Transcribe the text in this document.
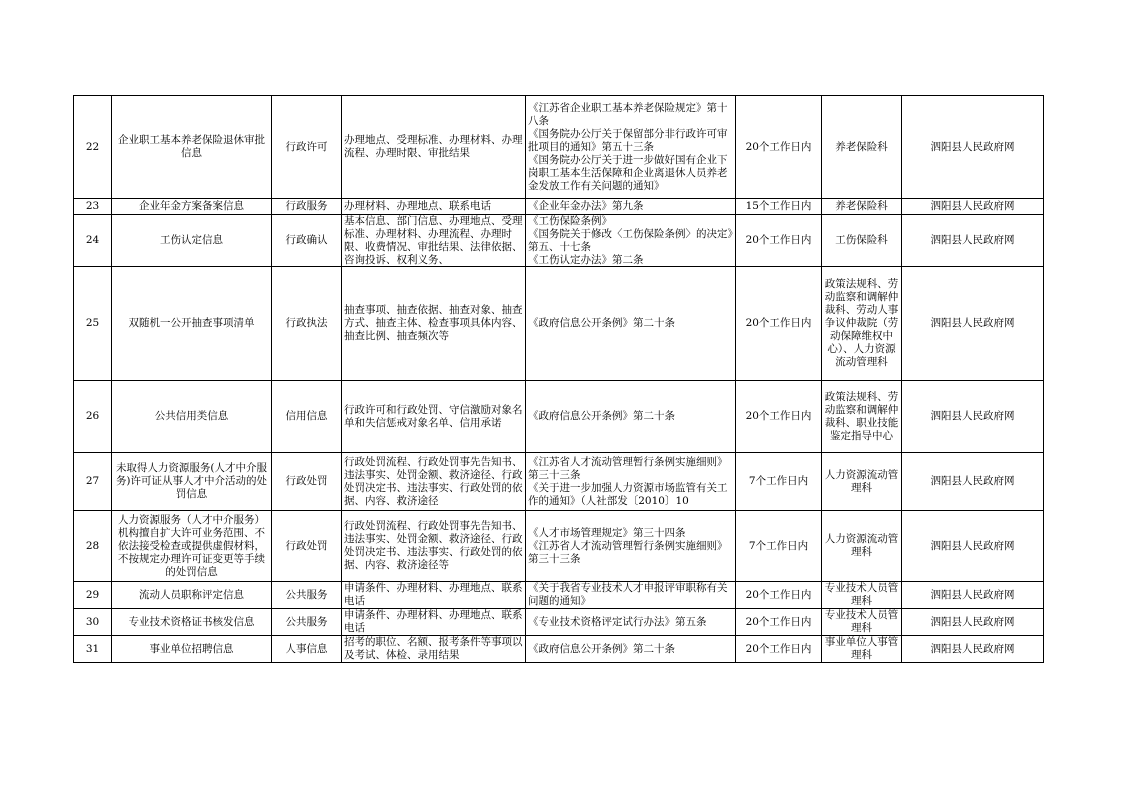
22	企业职工基本养老保险退休审批信息	行政许可	办理地点、受理标准、办理材料、办理流程、办理时限、审批结果	《江苏省企业职工基本养老保险规定》第十八条
《国务院办公厅关于保留部分非行政许可审批项目的通知》第五十三条
《国务院办公厅关于进一步做好国有企业下岗职工基本生活保障和企业离退休人员养老金发放工作有关问题的通知》	20个工作日内	养老保险科	泗阳县人民政府网

23	企业年金方案备案信息	行政服务	办理材料、办理地点、联系电话	《企业年金办法》第九条	15个工作日内	养老保险科	泗阳县人民政府网

24	工伤认定信息	行政确认	基本信息、部门信息、办理地点、受理标准、办理材料、办理流程、办理时限、收费情况、审批结果、法律依据、咨询投诉、权利义务、	《工伤保险条例》
《国务院关于修改〈工伤保险条例〉的决定》第五、十七条
《工伤认定办法》第二条	20个工作日内	工伤保险科	泗阳县人民政府网

25	双随机一公开抽查事项清单	行政执法	抽查事项、抽查依据、抽查对象、抽查方式、抽查主体、检查事项具体内容、抽查比例、抽查频次等	《政府信息公开条例》第二十条	20个工作日内	政策法规科、劳动监察和调解仲裁科、劳动人事争议仲裁院（劳动保障维权中心）、人力资源流动管理科	泗阳县人民政府网

26	公共信用类信息	信用信息	行政许可和行政处罚、守信激励对象名单和失信惩戒对象名单、信用承诺	《政府信息公开条例》第二十条	20个工作日内	政策法规科、劳动监察和调解仲裁科、职业技能鉴定指导中心	泗阳县人民政府网

27	未取得人力资源服务(人才中介服务)许可证从事人才中介活动的处罚信息	行政处罚	行政处罚流程、行政处罚事先告知书、违法事实、处罚金额、救济途径、行政处罚决定书、违法事实、行政处罚的依据、内容、救济途径	《江苏省人才流动管理暂行条例实施细则》第三十三条
《关于进一步加强人力资源市场监管有关工作的通知》（人社部发〔2010〕10	7个工作日内	人力资源流动管理科	泗阳县人民政府网

28	人力资源服务（人才中介服务）机构擅自扩大许可业务范围、不依法接受检查或提供虚假材料，不按规定办理许可证变更等手续的处罚信息	行政处罚	行政处罚流程、行政处罚事先告知书、违法事实、处罚金额、救济途径、行政处罚决定书、违法事实、行政处罚的依据、内容、救济途径等	《人才市场管理规定》第三十四条
《江苏省人才流动管理暂行条例实施细则》第三十三条	7个工作日内	人力资源流动管理科	泗阳县人民政府网

29	流动人员职称评定信息	公共服务	申请条件、办理材料、办理地点、联系电话	《关于我省专业技术人才申报评审职称有关问题的通知》	20个工作日内	专业技术人员管理科	泗阳县人民政府网

30	专业技术资格证书核发信息	公共服务	申请条件、办理材料、办理地点、联系电话	《专业技术资格评定试行办法》第五条	20个工作日内	专业技术人员管理科	泗阳县人民政府网

31	事业单位招聘信息	人事信息	招考的职位、名额、报考条件等事项以及考试、体检、录用结果	《政府信息公开条例》第二十条	20个工作日内	事业单位人事管理科	泗阳县人民政府网
